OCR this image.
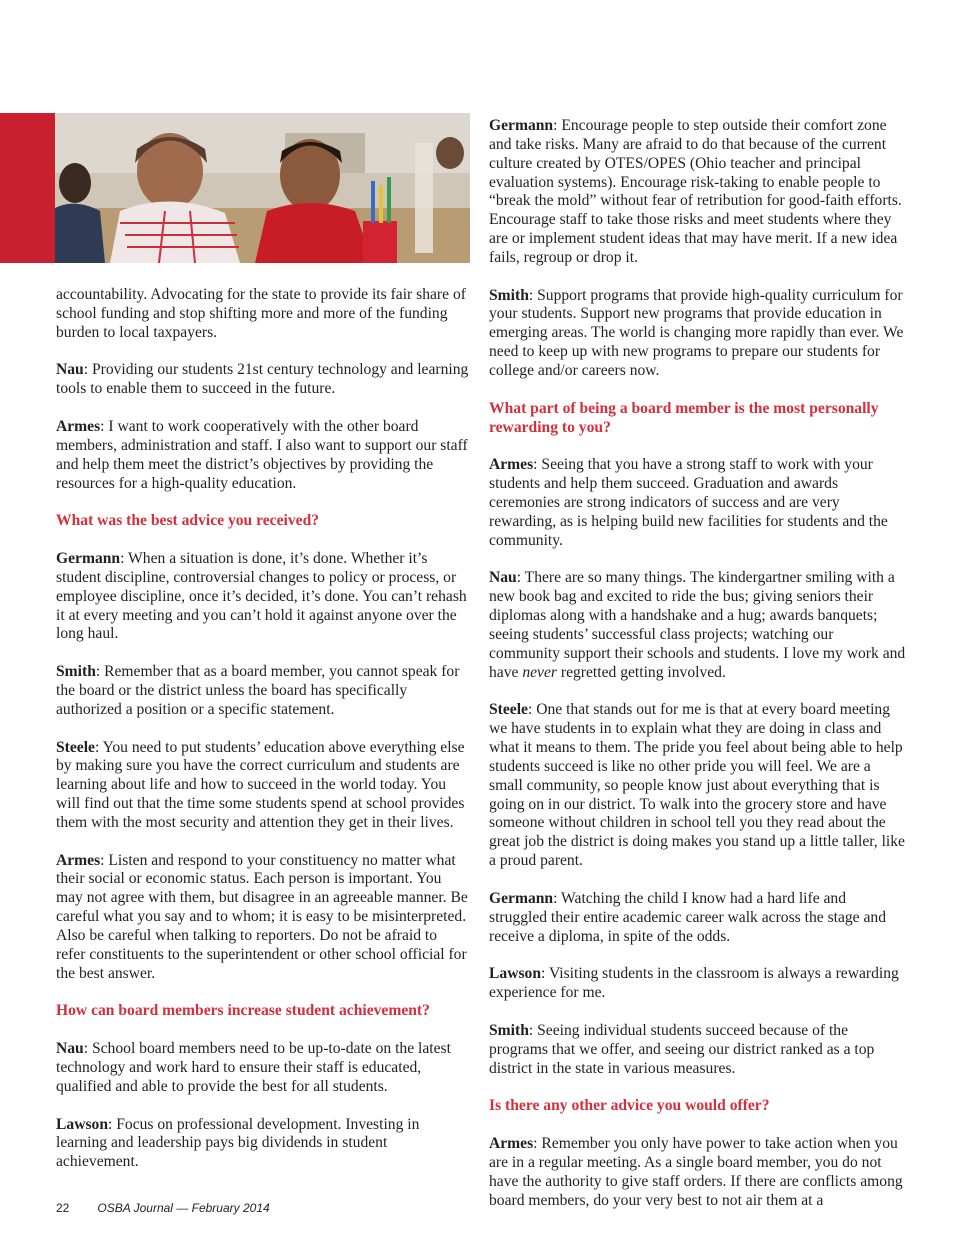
accountability. Advocating for the state to provide its fair share of school funding and stop shifting more and more of the funding burden to local taxpayers.

Nau: Providing our students 21st century technology and learning tools to enable them to succeed in the future.

Armes: I want to work cooperatively with the other board members, administration and staff. I also want to support our staff and help them meet the district’s objectives by providing the resources for a high-quality education.

What was the best advice you received?

Germann: When a situation is done, it’s done. Whether it’s student discipline, controversial changes to policy or process, or employee discipline, once it’s decided, it’s done. You can’t rehash it at every meeting and you can’t hold it against anyone over the long haul.

Smith: Remember that as a board member, you cannot speak for the board or the district unless the board has specifically authorized a position or a specific statement.

Steele: You need to put students’ education above everything else by making sure you have the correct curriculum and students are learning about life and how to succeed in the world today. You will find out that the time some students spend at school provides them with the most security and attention they get in their lives.

Armes: Listen and respond to your constituency no matter what their social or economic status. Each person is important. You may not agree with them, but disagree in an agreeable manner. Be careful what you say and to whom; it is easy to be misinterpreted. Also be careful when talking to reporters. Do not be afraid to refer constituents to the superintendent or other school official for the best answer.

How can board members increase student achievement?

Nau: School board members need to be up-to-date on the latest technology and work hard to ensure their staff is educated, qualified and able to provide the best for all students.

Lawson: Focus on professional development. Investing in learning and leadership pays big dividends in student achievement.

Germann: Encourage people to step outside their comfort zone and take risks. Many are afraid to do that because of the current culture created by OTES/OPES (Ohio teacher and principal evaluation systems). Encourage risk-taking to enable people to “break the mold” without fear of retribution for good-faith efforts. Encourage staff to take those risks and meet students where they are or implement student ideas that may have merit. If a new idea fails, regroup or drop it.

Smith: Support programs that provide high-quality curriculum for your students. Support new programs that provide education in emerging areas. The world is changing more rapidly than ever. We need to keep up with new programs to prepare our students for college and/or careers now.

What part of being a board member is the most personally rewarding to you?

Armes: Seeing that you have a strong staff to work with your students and help them succeed. Graduation and awards ceremonies are strong indicators of success and are very rewarding, as is helping build new facilities for students and the community.

Nau: There are so many things. The kindergartner smiling with a new book bag and excited to ride the bus; giving seniors their diplomas along with a handshake and a hug; awards banquets; seeing students’ successful class projects; watching our community support their schools and students. I love my work and have never regretted getting involved.

Steele: One that stands out for me is that at every board meeting we have students in to explain what they are doing in class and what it means to them. The pride you feel about being able to help students succeed is like no other pride you will feel. We are a small community, so people know just about everything that is going on in our district. To walk into the grocery store and have someone without children in school tell you they read about the great job the district is doing makes you stand up a little taller, like a proud parent.

Germann: Watching the child I know had a hard life and struggled their entire academic career walk across the stage and receive a diploma, in spite of the odds.

Lawson: Visiting students in the classroom is always a rewarding experience for me.

Smith: Seeing individual students succeed because of the programs that we offer, and seeing our district ranked as a top district in the state in various measures.

Is there any other advice you would offer?

Armes: Remember you only have power to take action when you are in a regular meeting. As a single board member, you do not have the authority to give staff orders. If there are conflicts among board members, do your very best to not air them at a

22 OSBA Journal — February 2014
